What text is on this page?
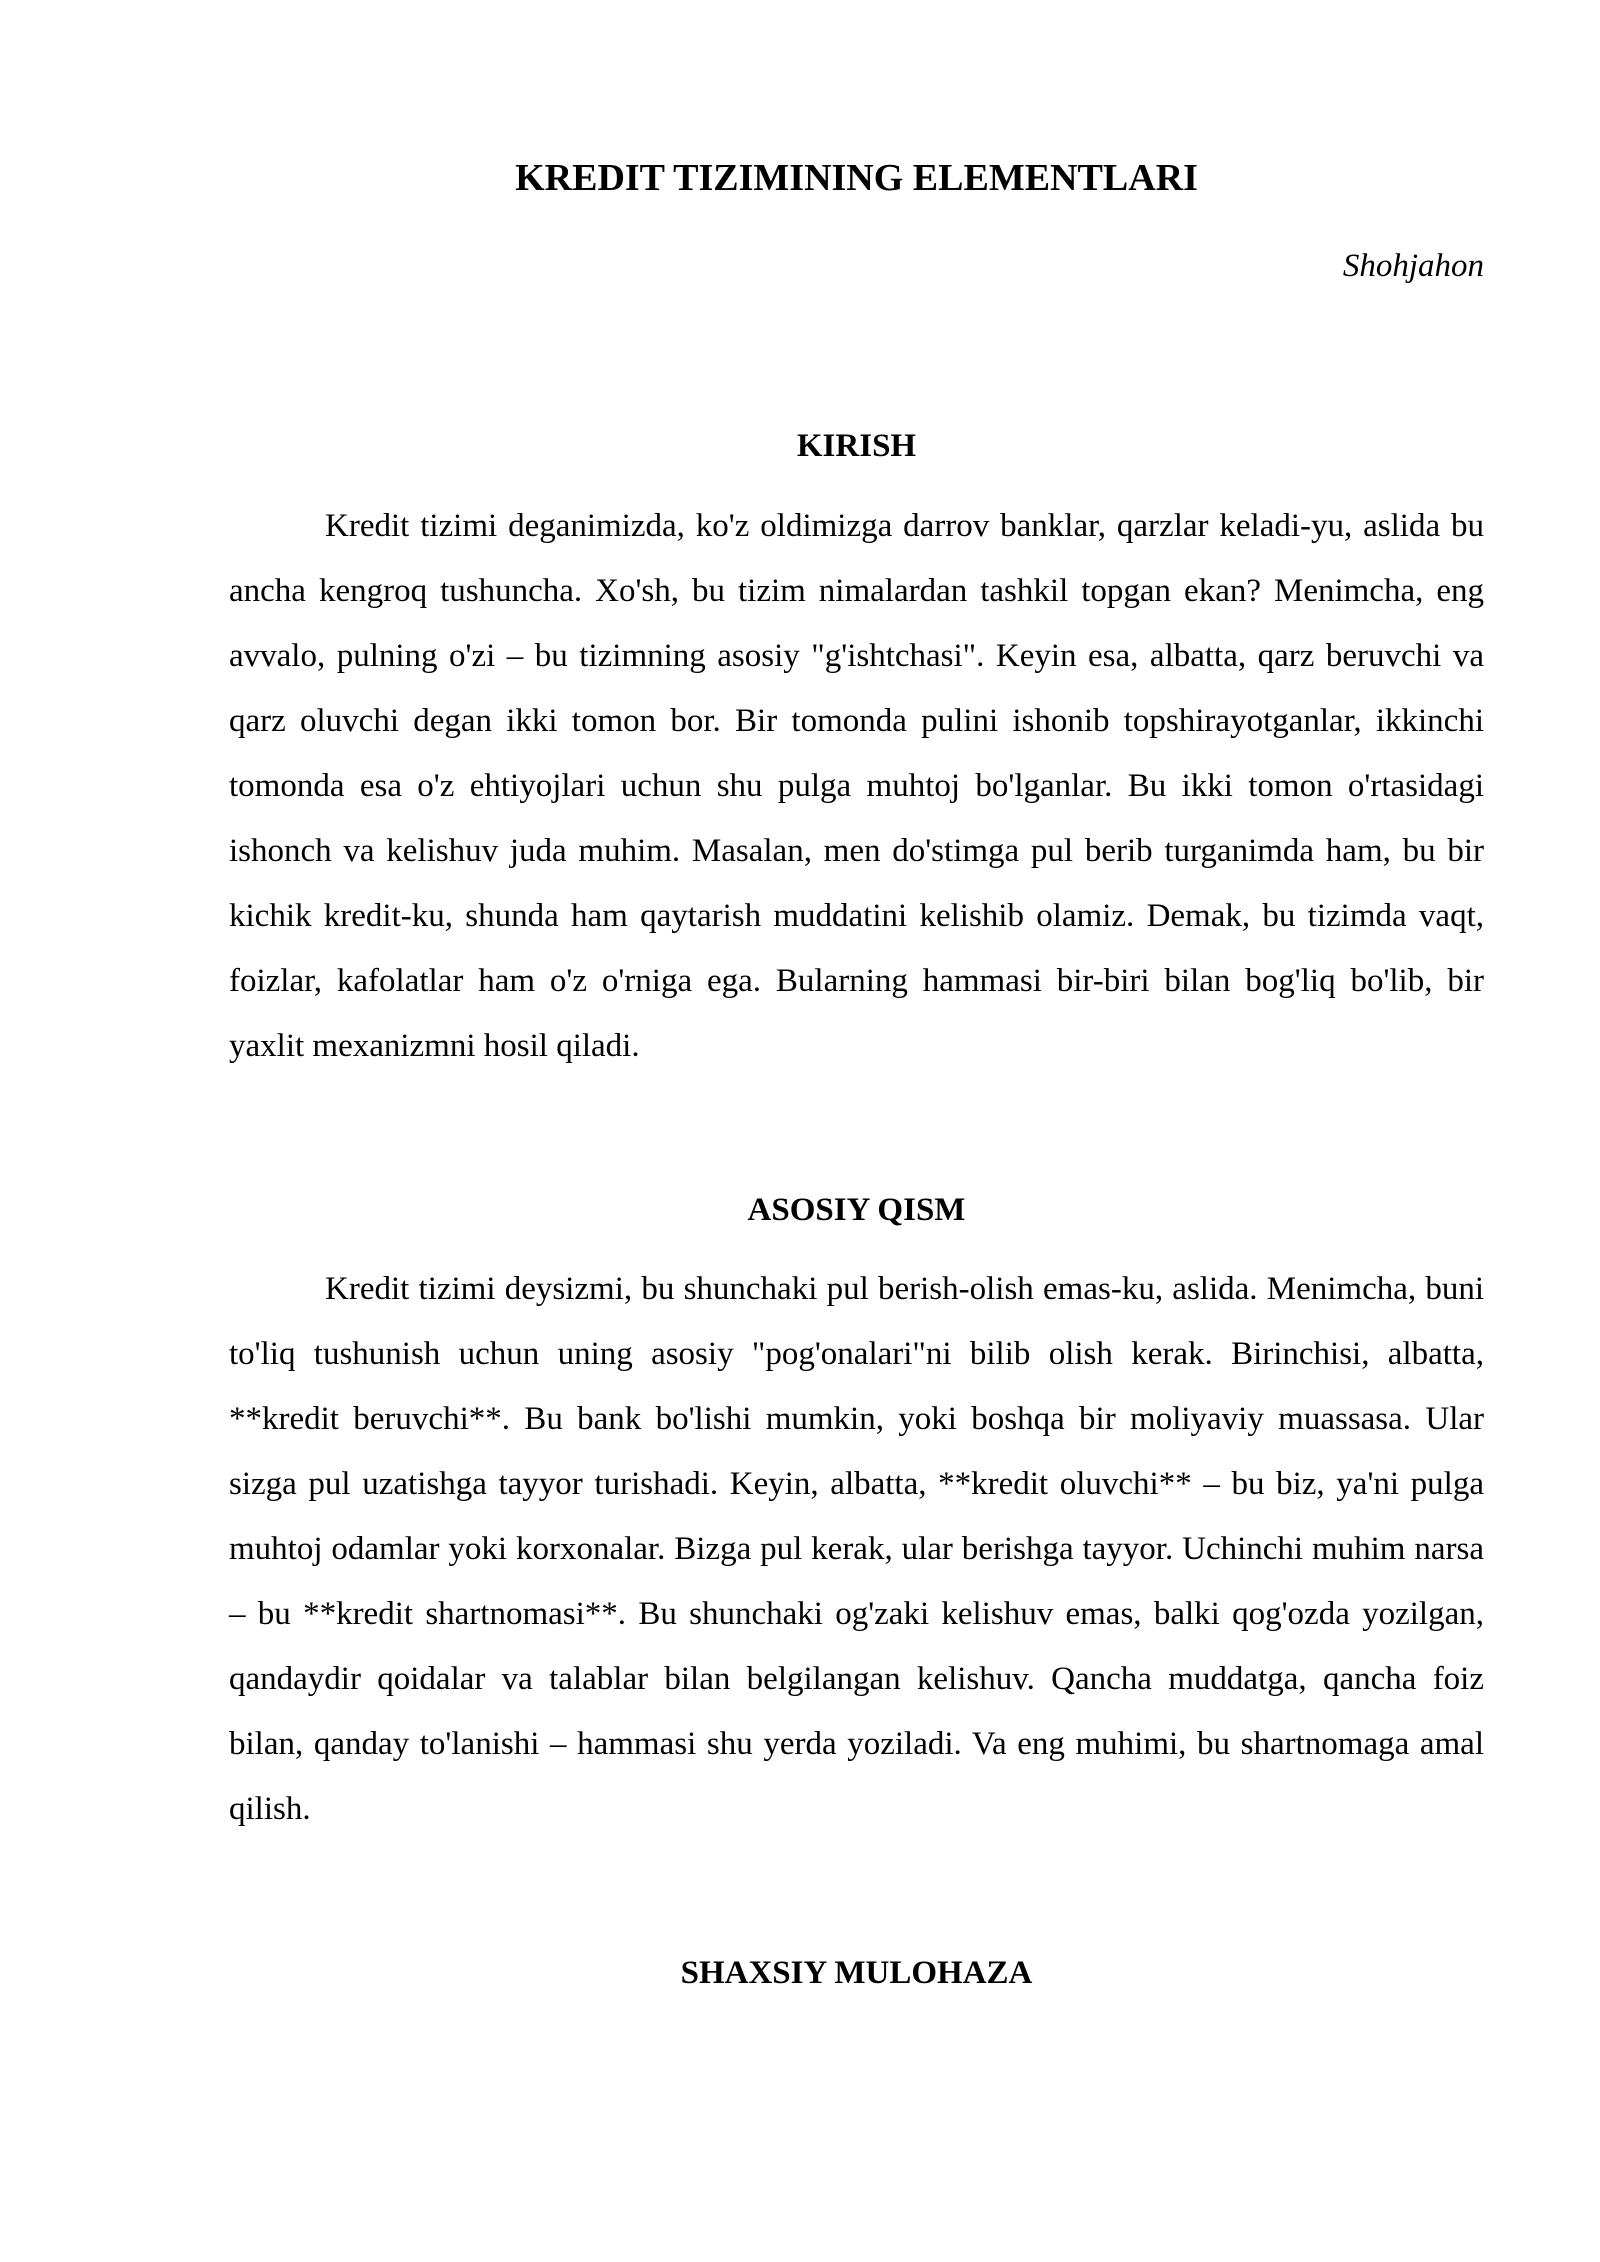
KREDIT TIZIMINING ELEMENTLARI

Shohjahon

KIRISH

Kredit tizimi deganimizda, ko'z oldimizga darrov banklar, qarzlar keladi-yu, aslida bu ancha kengroq tushuncha. Xo'sh, bu tizim nimalardan tashkil topgan ekan? Menimcha, eng avvalo, pulning o'zi – bu tizimning asosiy "g'ishtchasi". Keyin esa, albatta, qarz beruvchi va qarz oluvchi degan ikki tomon bor. Bir tomonda pulini ishonib topshirayotganlar, ikkinchi tomonda esa o'z ehtiyojlari uchun shu pulga muhtoj bo'lganlar. Bu ikki tomon o'rtasidagi ishonch va kelishuv juda muhim. Masalan, men do'stimga pul berib turganimda ham, bu bir kichik kredit-ku, shunda ham qaytarish muddatini kelishib olamiz. Demak, bu tizimda vaqt, foizlar, kafolatlar ham o'z o'rniga ega. Bularning hammasi bir-biri bilan bog'liq bo'lib, bir yaxlit mexanizmni hosil qiladi.

ASOSIY QISM

Kredit tizimi deysizmi, bu shunchaki pul berish-olish emas-ku, aslida. Menimcha, buni to'liq tushunish uchun uning asosiy "pog'onalari"ni bilib olish kerak. Birinchisi, albatta, **kredit beruvchi**. Bu bank bo'lishi mumkin, yoki boshqa bir moliyaviy muassasa. Ular sizga pul uzatishga tayyor turishadi. Keyin, albatta, **kredit oluvchi** – bu biz, ya'ni pulga muhtoj odamlar yoki korxonalar. Bizga pul kerak, ular berishga tayyor. Uchinchi muhim narsa – bu **kredit shartnomasi**. Bu shunchaki og'zaki kelishuv emas, balki qog'ozda yozilgan, qandaydir qoidalar va talablar bilan belgilangan kelishuv. Qancha muddatga, qancha foiz bilan, qanday to'lanishi – hammasi shu yerda yoziladi. Va eng muhimi, bu shartnomaga amal qilish.

SHAXSIY MULOHAZA
